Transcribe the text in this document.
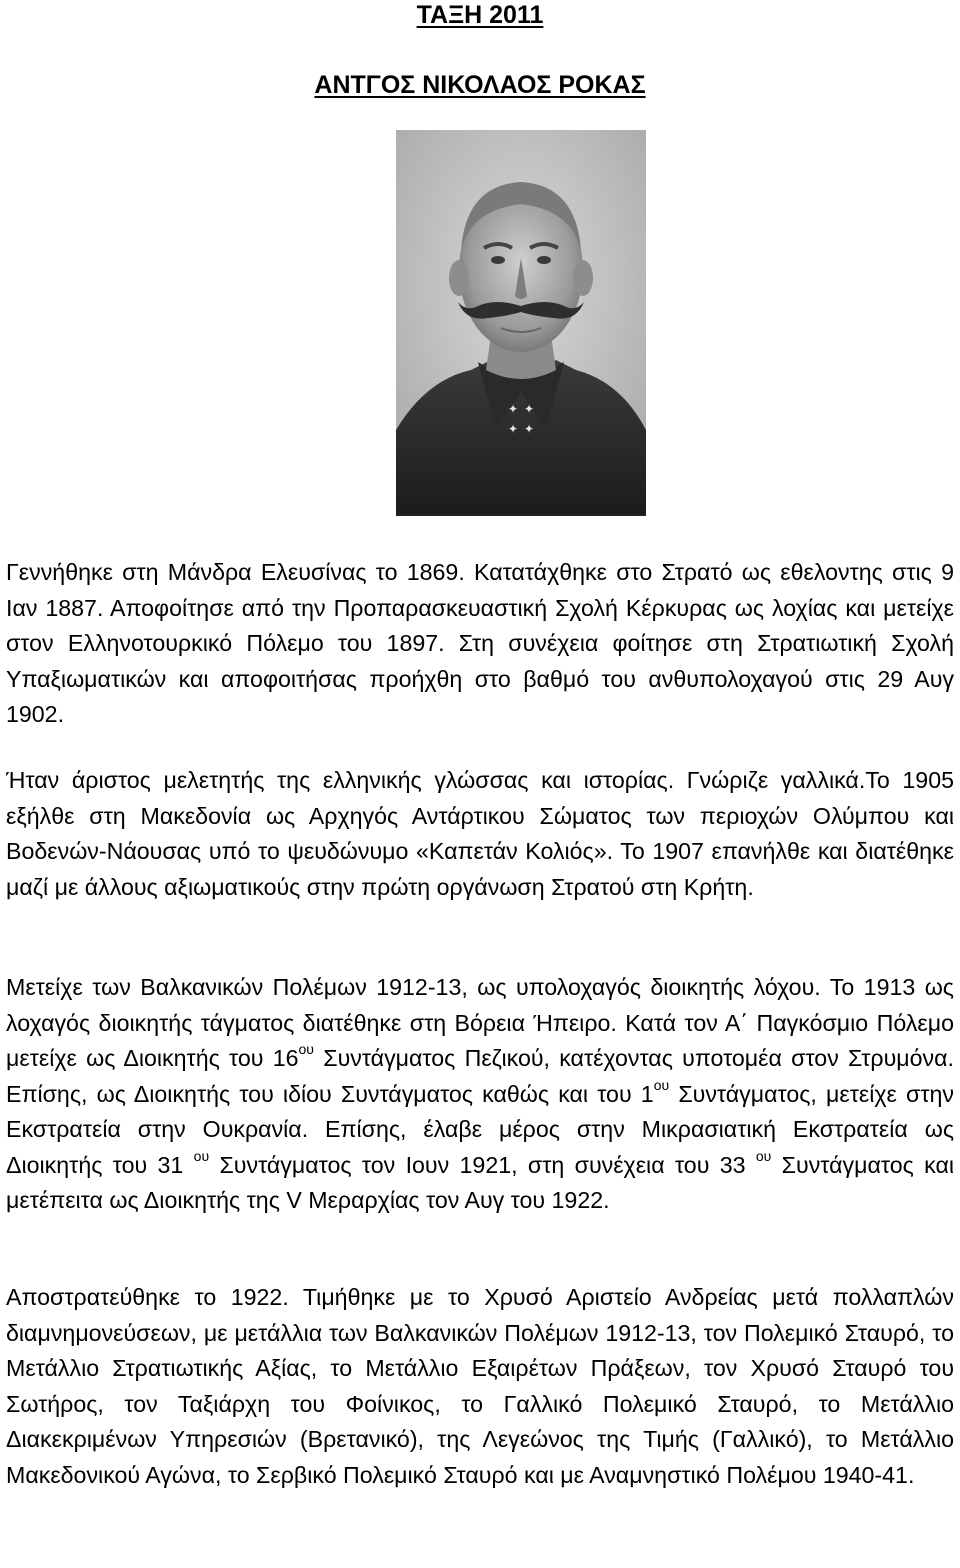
ΤΑΞΗ 2011
ΑΝΤΓΟΣ ΝΙΚΟΛΑΟΣ ΡΟΚΑΣ
✦
✦
✦
✦

Γεννήθηκε στη Μάνδρα Ελευσίνας το 1869. Κατατάχθηκε στο Στρατό ως εθελοντης στις 9 Ιαν 1887. Αποφοίτησε από την Προπαρασκευαστική Σχολή Κέρκυρας ως λοχίας και μετείχε στον Ελληνοτουρκικό Πόλεμο του 1897. Στη συνέχεια φοίτησε στη Στρατιωτική Σχολή Υπαξιωματικών και αποφοιτήσας προήχθη στο βαθμό του ανθυπολοχαγού στις 29 Αυγ 1902.

Ήταν άριστος μελετητής της ελληνικής γλώσσας και ιστορίας. Γνώριζε γαλλικά.Το 1905 εξήλθε στη Μακεδονία ως Αρχηγός Αντάρτικου Σώματος των περιοχών Ολύμπου και Βοδενών-Νάουσας υπό το ψευδώνυμο «Καπετάν Κολιός». Το 1907 επανήλθε και διατέθηκε μαζί με άλλους αξιωματικούς στην πρώτη οργάνωση Στρατού στη Κρήτη.

Μετείχε των Βαλκανικών Πολέμων 1912-13, ως υπολοχαγός διοικητής λόχου. Το 1913 ως λοχαγός διοικητής τάγματος διατέθηκε στη Βόρεια Ήπειρο. Κατά τον Α΄ Παγκόσμιο Πόλεμο μετείχε ως Διοικητής του $16^{o\upsilon}$ Συντάγματος Πεζικού, κατέχοντας υποτομέα στον Στρυμόνα. Επίσης, ως Διοικητής του ιδίου Συντάγματος καθώς και του $1^{o\upsilon}$ Συντάγματος, μετείχε στην Εκστρατεία στην Ουκρανία. Επίσης, έλαβε μέρος στην Μικρασιατική Εκστρατεία ως Διοικητής του 31 $^{o\upsilon}$ Συντάγματος τον Ιουν 1921, στη συνέχεια του 33 $^{o\upsilon}$ Συντάγματος και μετέπειτα ως Διοικητής της V Μεραρχίας τον Αυγ του 1922.

Αποστρατεύθηκε το 1922. Τιμήθηκε με το Χρυσό Αριστείο Ανδρείας μετά πολλαπλών διαμνημονεύσεων, με μετάλλια των Βαλκανικών Πολέμων 1912-13, τον Πολεμικό Σταυρό, το Μετάλλιο Στρατιωτικής Αξίας, το Μετάλλιο Εξαιρέτων Πράξεων, τον Χρυσό Σταυρό του Σωτήρος, τον Ταξιάρχη του Φοίνικος, το Γαλλικό Πολεμικό Σταυρό, το Μετάλλιο Διακεκριμένων Υπηρεσιών (Βρετανικό), της Λεγεώνος της Τιμής (Γαλλικό), το Μετάλλιο Μακεδονικού Αγώνα, το Σερβικό Πολεμικό Σταυρό και με Αναμνηστικό Πολέμου 1940-41.
